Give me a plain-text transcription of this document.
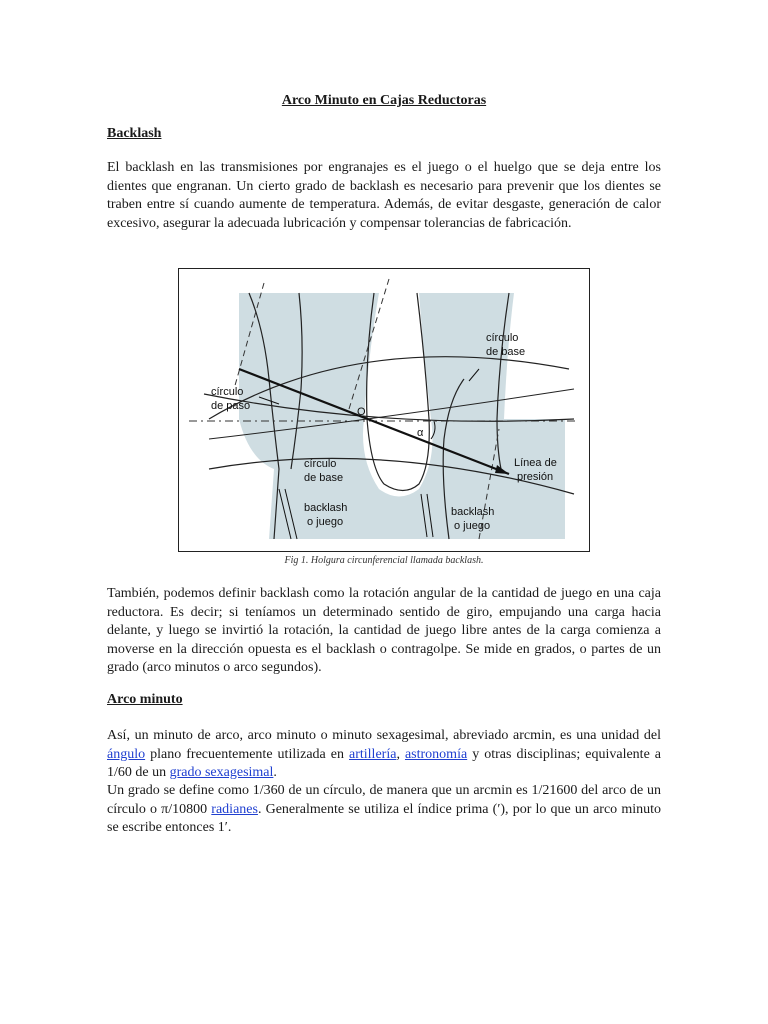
Arco Minuto en Cajas Reductoras
Backlash

El backlash en las transmisiones por engranajes es el juego o el huelgo que se deja entre los dientes que engranan. Un cierto grado de backlash es necesario para prevenir que los dientes se traben entre sí cuando aumente de temperatura. Además, de evitar desgaste, generación de calor excesivo, asegurar la adecuada lubricación y compensar tolerancias de fabricación.

círculo
de base
círculo
de paso	O
α
Línea de
presión
círculo
de base
backlash
o juego
backlash
o juego
Fig 1. Holgura circunferencial llamada backlash.

También, podemos definir backlash como la rotación angular de la cantidad de juego en una caja reductora. Es decir; si teníamos un determinado sentido de giro, empujando una carga hacia delante, y luego se invirtió la rotación, la cantidad de juego libre antes de la carga comienza a moverse en la dirección opuesta es el backlash o contragolpe. Se mide en grados, o partes de un grado (arco minutos o arco segundos).

Arco minuto

Así, un minuto de arco, arco minuto o minuto sexagesimal, abreviado arcmin, es una unidad del ángulo plano frecuentemente utilizada en artillería, astronomía y otras disciplinas; equivalente a 1/60 de un grado sexagesimal.

Un grado se define como 1/360 de un círculo, de manera que un arcmin es 1/21600 del arco de un círculo o π/10800 radianes. Generalmente se utiliza el índice prima (′), por lo que un arco minuto se escribe entonces 1′.
